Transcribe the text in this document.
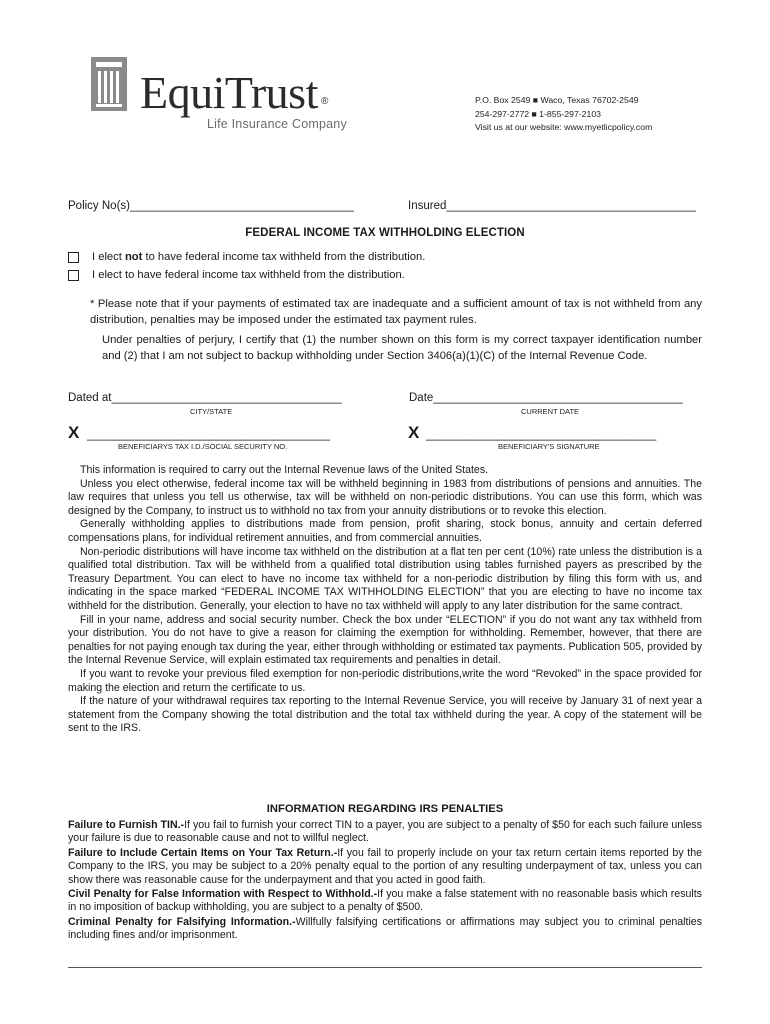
EquiTrust ®
Life Insurance Company
P.O. Box 2549 ■ Waco, Texas 76702-2549
254-297-2772 ■ 1-855-297-2103
Visit us at our website: www.myetlicpolicy.com
Policy No(s)___________________________________	Insured_______________________________________
FEDERAL INCOME TAX WITHHOLDING ELECTION
I elect not to have federal income tax withheld from the distribution.
I elect to have federal income tax withheld from the distribution.
* Please note that if your payments of estimated tax are inadequate and a sufficient amount of tax is not withheld from any distribution, penalties may be imposed under the estimated tax payment rules.
Under penalties of perjury, I certify that (1) the number shown on this form is my correct taxpayer identification number and (2) that I am not subject to backup withholding under Section 3406(a)(1)(C) of the Internal Revenue Code.
Dated at____________________________________	Date_______________________________________
CITY/STATE	CURRENT DATE
X ______________________________________	X ____________________________________
BENEFICIARYS TAX I.D./SOCIAL SECURITY NO.	BENEFICIARY'S SIGNATURE

This information is required to carry out the Internal Revenue laws of the United States.

Unless you elect otherwise, federal income tax will be withheld beginning in 1983 from distributions of pensions and annuities. The law requires that unless you tell us otherwise, tax will be withheld on non-periodic distributions. You can use this form, which was designed by the Company, to instruct us to withhold no tax from your annuity distributions or to revoke this election.

Generally withholding applies to distributions made from pension, profit sharing, stock bonus, annuity and certain deferred compensations plans, for individual retirement annuities, and from commercial annuities.

Non-periodic distributions will have income tax withheld on the distribution at a flat ten per cent (10%) rate unless the distribution is a qualified total distribution. Tax will be withheld from a qualified total distribution using tables furnished payers as prescribed by the Treasury Department. You can elect to have no income tax withheld for a non-periodic distribution by filing this form with us, and indicating in the space marked “FEDERAL INCOME TAX WITHHOLDING ELECTION” that you are electing to have no income tax withheld for the distribution. Generally, your election to have no tax withheld will apply to any later distribution for the same contract.

Fill in your name, address and social security number. Check the box under “ELECTION” if you do not want any tax withheld from your distribution. You do not have to give a reason for claiming the exemption for withholding. Remember, however, that there are penalties for not paying enough tax during the year, either through withholding or estimated tax payments. Publication 505, provided by the Internal Revenue Service, will explain estimated tax requirements and penalties in detail.

If you want to revoke your previous filed exemption for non-periodic distributions,write the word “Revoked” in the space provided for making the election and return the certificate to us.

If the nature of your withdrawal requires tax reporting to the Internal Revenue Service, you will receive by January 31 of next year a statement from the Company showing the total distribution and the total tax withheld during the year. A copy of the statement will be sent to the IRS.

INFORMATION REGARDING IRS PENALTIES

Failure to Furnish TIN.-If you fail to furnish your correct TIN to a payer, you are subject to a penalty of $50 for each such failure unless your failure is due to reasonable cause and not to willful neglect.

Failure to Include Certain Items on Your Tax Return.-If you fail to properly include on your tax return certain items reported by the Company to the IRS, you may be subject to a 20% penalty equal to the portion of any resulting underpayment of tax, unless you can show there was reasonable cause for the underpayment and that you acted in good faith.

Civil Penalty for False Information with Respect to Withhold.-If you make a false statement with no reasonable basis which results in no imposition of backup withholding, you are subject to a penalty of $500.

Criminal Penalty for Falsifying Information.-Willfully falsifying certifications or affirmations may subject you to criminal penalties including fines and/or imprisonment.
